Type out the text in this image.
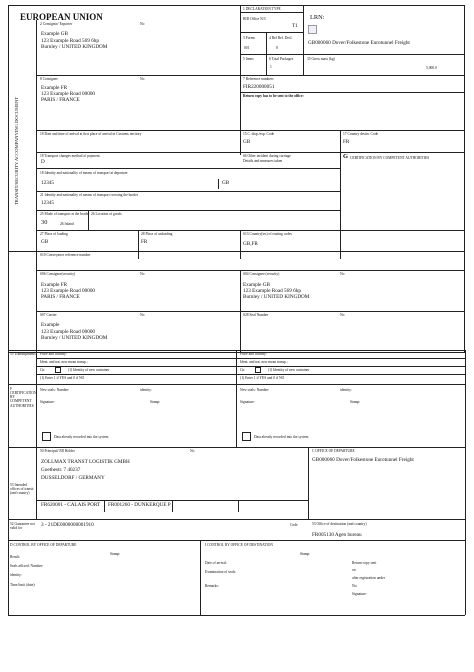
EUROPEAN UNION	LRN:
1 DECLARATION TYPE
BID Office N/3
T1
2 Consignor/ Exporter	No
Example GB
123 Example Road 569 6hp
Burnley / UNITED KINGDOM
3 Forms	4 Ref Ref. Decl.
001	8
5 Items	6 Total Packages
1
35 Gross mass (kg)
5,000.0
GB000060 Dover/Folkestone Eurotunnel Freight
8 Consignee	No
Example FR
123 Example Road 00000
PARIS / FRANCE
7 Reference numbers
FIR220000051
Return copy has to be sent to the office:
18 Date and time of arrival at first place of arrival in Customs territory	15 C. disp./exp. Code
GB
17 Country destin. Code
FR
18 Transport changes method of payment
D
66 Other incident during carriage
Details and measures taken
G CERTIFICATION BY COMPETENT AUTHORITIES
18 Identity and nationality of means of transport at departure
12345	GB
21 Identity and nationality of means of transport crossing the border
12345
25 Mode of transport at the border
30	26 Inland
26 Location of goods
27 Place of loading
GB
28 Place of unloading
FR
S13 Country(ies) of routing codes
GB,FR
S10 Conveyance reference number
TRANSIT/SECURITY ACCOMPANYING DOCUMENT
S06 Consignor(security)	No
Example FR
123 Example Road 00000
PARIS / FRANCE
S04 Consignee (security)	No
Example GB
123 Example Road 569 6hp
Burnley / UNITED KINGDOM
S07 Carrier	No
Example
123 Example Road 00000
Burnley / UNITED KINGDOM
S28 Seal Number	No
55 Transhipments Place and country:	Place and country:
Ident. and nat. new mean transp.:	Ident. and nat. new mean transp.:
Ctr.	(1) Identity of new container	Ctr.	(1) Identity of new container
(1) Enter 1 if YES and 0 if NO	(1) Enter 1 if YES and 0 if NO
F CERTIFICATION BY COMPETENT AUTHORITIES
New seals: Number:	identity:
Signature:	Stamp:
Data already recorded into the system
New seals: Number:	identity:
Signature:	Stamp:
Data already recorded into the system
50 Principal/ EB Holder	No
ZOLLMAX TRANST LOGISTIK GMBH
Goethestr. 7 40237
DUSSELDORF / GERMANY
53 Intended offices of transit (and country)
FR620001 - CALAIS PORT FR001260 - DUNKERQUE P
C OFFICE OF DEPARTURE
GB000060 Dover/Folkestone Eurotunnel Freight
52 Guarantee not valid for
3 - 21DE0000000001910	Code	53 Office of destination (and country)
FR005130 Agen bureau
D CONTROL BY OFFICE OF DEPARTURE	I CONTROL BY OFFICE OF DESTINATION
Stamp:
Result:
Seals affixed: Number:
identity:
Time limit (date):
Stamp:
Date of arrival:
Examination of seals:
Remarks:
Return copy sent
on
after registration under
No:
Signature:
